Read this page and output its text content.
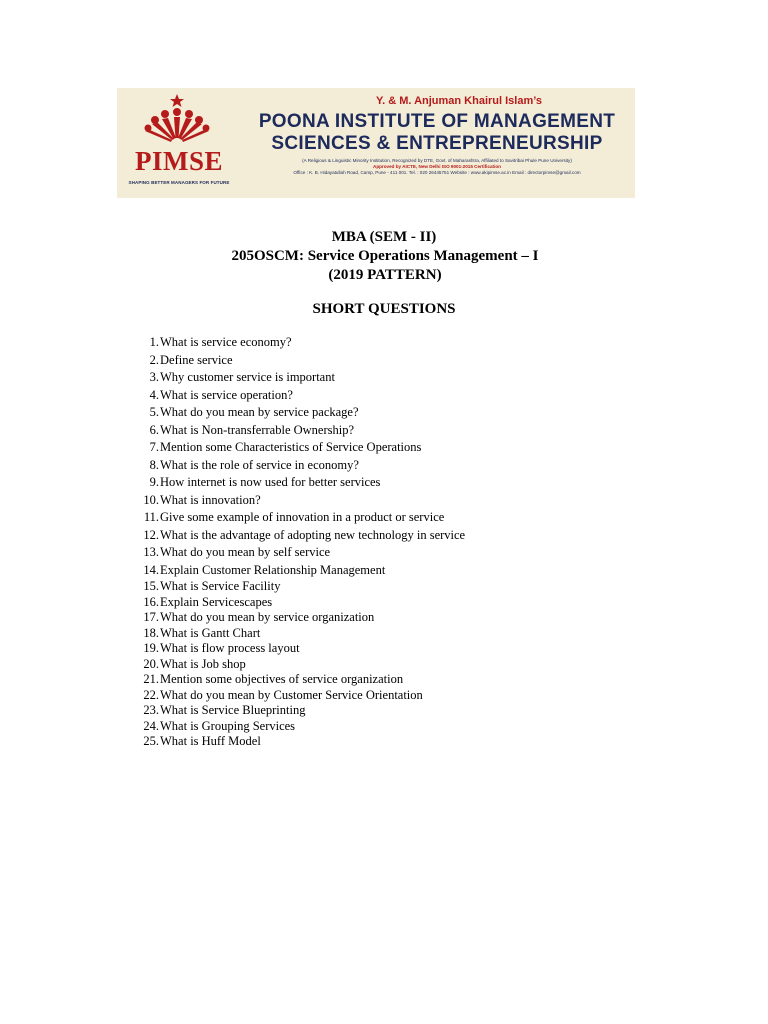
PIMSE
SHAPING BETTER MANAGERS FOR FUTURE
Y. & M. Anjuman Khairul Islam’s
POONA INSTITUTE OF MANAGEMENT
SCIENCES & ENTREPRENEURSHIP
(A Religious & Linguistic Minority Institution, Recognized by DTE, Govt. of Maharashtra, Affiliated to Savitribai Phule Pune University)
Approved by AICTE, New Delhi ISO 9001-2015 Certification
Office : K. B. Hidayatullah Road, Camp, Pune - 411 001. Tel. : 020 26445751 Website : www.akipimse.ac.in Email : directorpimse@gmail.com
MBA (SEM - II)
205OSCM: Service Operations Management – I
(2019 PATTERN)
SHORT QUESTIONS
1.What is service economy?
2.Define service
3.Why customer service is important
4.What is service operation?
5.What do you mean by service package?
6.What is Non-transferrable Ownership?
7.Mention some Characteristics of Service Operations
8.What is the role of service in economy?
9.How internet is now used for better services
10.What is innovation?
11.Give some example of innovation in a product or service
12.What is the advantage of adopting new technology in service
13.What do you mean by self service
14.Explain Customer Relationship Management
15.What is Service Facility
16.Explain Servicescapes
17.What do you mean by service organization
18.What is Gantt Chart
19.What is flow process layout
20.What is Job shop
21.Mention some objectives of service organization
22.What do you mean by Customer Service Orientation
23.What is Service Blueprinting
24.What is Grouping Services
25.What is Huff Model
